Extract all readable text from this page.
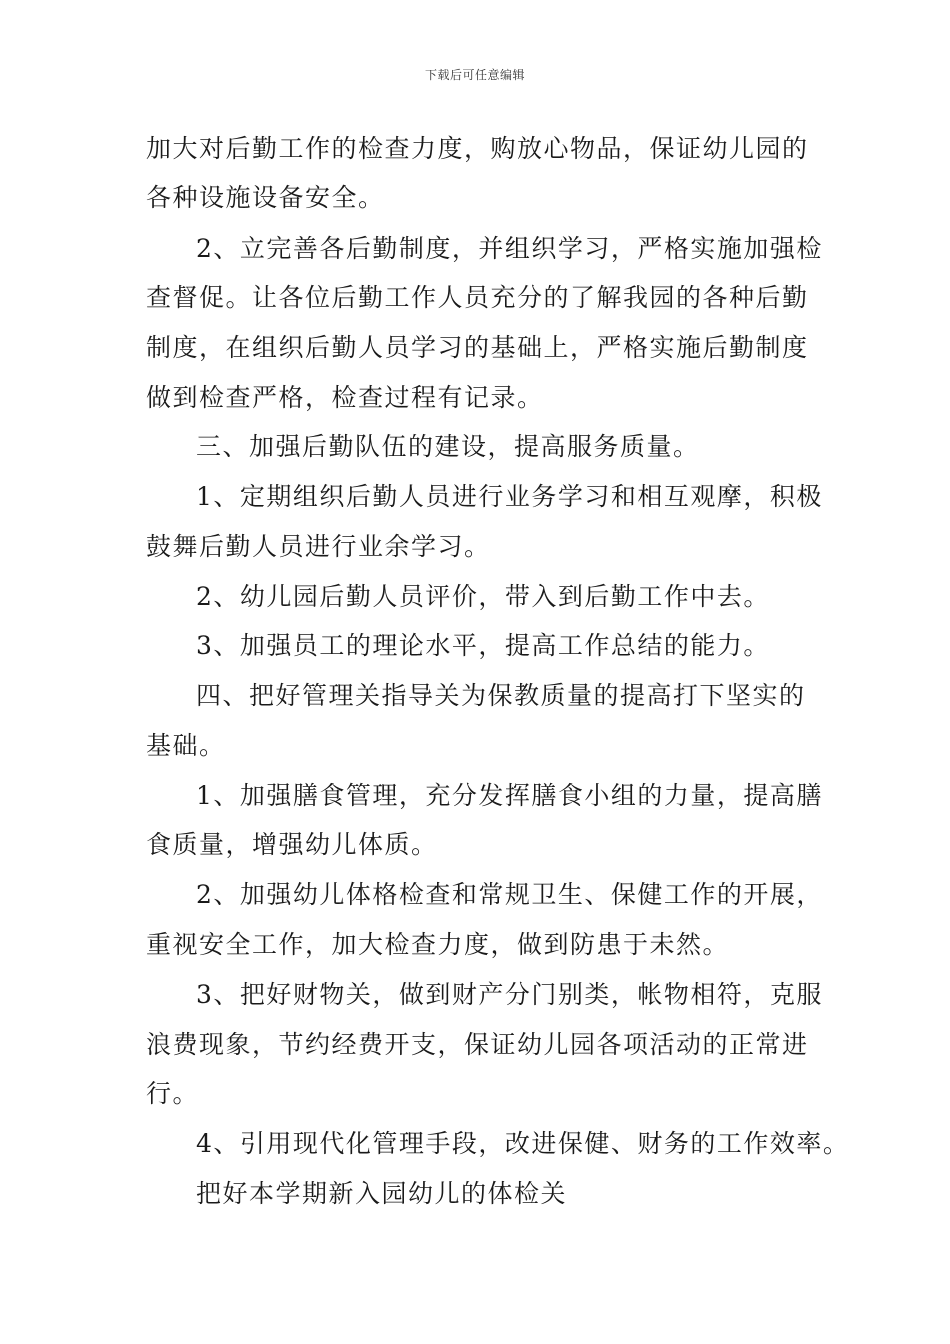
下载后可任意编辑
加大对后勤工作的检查力度，购放心物品，保证幼儿园的
各种设施设备安全。
2、立完善各后勤制度，并组织学习，严格实施加强检
查督促。让各位后勤工作人员充分的了解我园的各种后勤
制度，在组织后勤人员学习的基础上，严格实施后勤制度
做到检查严格，检查过程有记录。
三、加强后勤队伍的建设，提高服务质量。
1、定期组织后勤人员进行业务学习和相互观摩，积极
鼓舞后勤人员进行业余学习。
2、幼儿园后勤人员评价，带入到后勤工作中去。
3、加强员工的理论水平，提高工作总结的能力。
四、把好管理关指导关为保教质量的提高打下坚实的
基础。
1、加强膳食管理，充分发挥膳食小组的力量，提高膳
食质量，增强幼儿体质。
2、加强幼儿体格检查和常规卫生、保健工作的开展，
重视安全工作，加大检查力度，做到防患于未然。
3、把好财物关，做到财产分门别类，帐物相符，克服
浪费现象，节约经费开支，保证幼儿园各项活动的正常进
行。
4、引用现代化管理手段，改进保健、财务的工作效率。
把好本学期新入园幼儿的体检关
